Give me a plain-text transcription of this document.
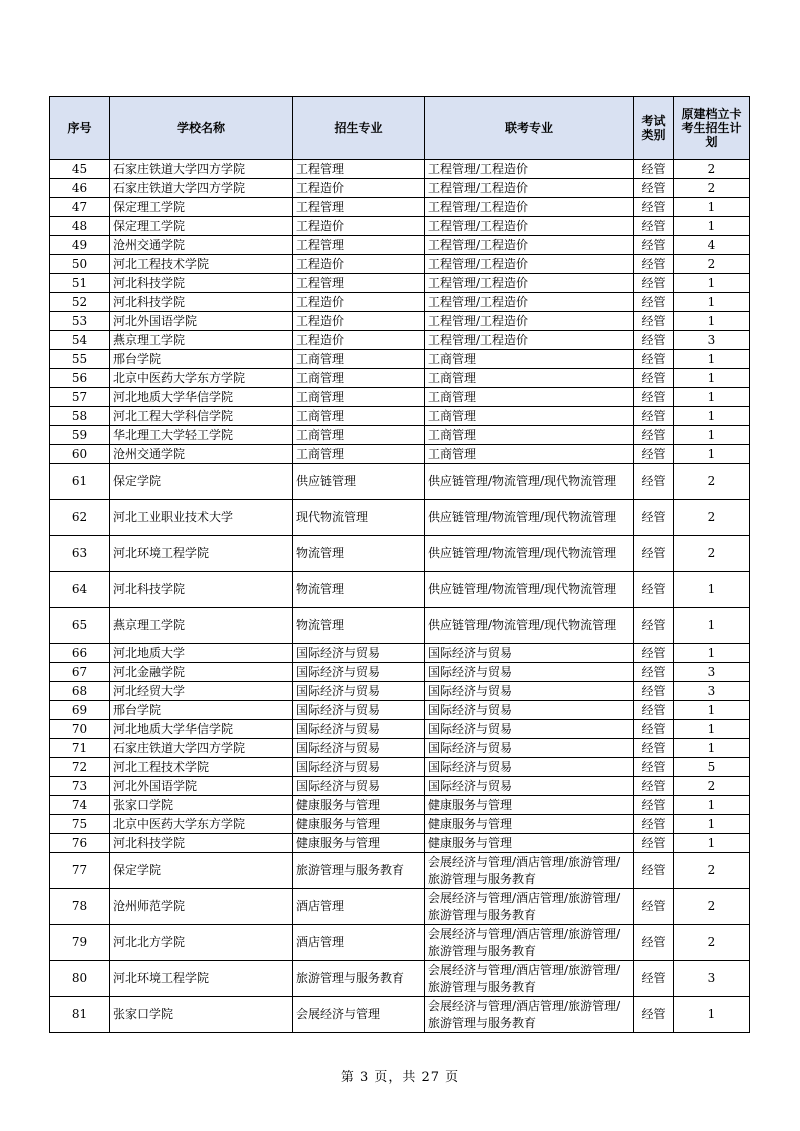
序号	学校名称	招生专业	联考专业	考试类别	原建档立卡考生招生计划
45	石家庄铁道大学四方学院	工程管理	工程管理/工程造价	经管	2
46	石家庄铁道大学四方学院	工程造价	工程管理/工程造价	经管	2
47	保定理工学院	工程管理	工程管理/工程造价	经管	1
48	保定理工学院	工程造价	工程管理/工程造价	经管	1
49	沧州交通学院	工程管理	工程管理/工程造价	经管	4
50	河北工程技术学院	工程造价	工程管理/工程造价	经管	2
51	河北科技学院	工程管理	工程管理/工程造价	经管	1
52	河北科技学院	工程造价	工程管理/工程造价	经管	1
53	河北外国语学院	工程造价	工程管理/工程造价	经管	1
54	燕京理工学院	工程造价	工程管理/工程造价	经管	3
55	邢台学院	工商管理	工商管理	经管	1
56	北京中医药大学东方学院	工商管理	工商管理	经管	1
57	河北地质大学华信学院	工商管理	工商管理	经管	1
58	河北工程大学科信学院	工商管理	工商管理	经管	1
59	华北理工大学轻工学院	工商管理	工商管理	经管	1
60	沧州交通学院	工商管理	工商管理	经管	1
61	保定学院	供应链管理	供应链管理/物流管理/现代物流管理	经管	2
62	河北工业职业技术大学	现代物流管理	供应链管理/物流管理/现代物流管理	经管	2
63	河北环境工程学院	物流管理	供应链管理/物流管理/现代物流管理	经管	2
64	河北科技学院	物流管理	供应链管理/物流管理/现代物流管理	经管	1
65	燕京理工学院	物流管理	供应链管理/物流管理/现代物流管理	经管	1
66	河北地质大学	国际经济与贸易	国际经济与贸易	经管	1
67	河北金融学院	国际经济与贸易	国际经济与贸易	经管	3
68	河北经贸大学	国际经济与贸易	国际经济与贸易	经管	3
69	邢台学院	国际经济与贸易	国际经济与贸易	经管	1
70	河北地质大学华信学院	国际经济与贸易	国际经济与贸易	经管	1
71	石家庄铁道大学四方学院	国际经济与贸易	国际经济与贸易	经管	1
72	河北工程技术学院	国际经济与贸易	国际经济与贸易	经管	5
73	河北外国语学院	国际经济与贸易	国际经济与贸易	经管	2
74	张家口学院	健康服务与管理	健康服务与管理	经管	1
75	北京中医药大学东方学院	健康服务与管理	健康服务与管理	经管	1
76	河北科技学院	健康服务与管理	健康服务与管理	经管	1
77	保定学院	旅游管理与服务教育	会展经济与管理/酒店管理/旅游管理/旅游管理与服务教育	经管	2
78	沧州师范学院	酒店管理	会展经济与管理/酒店管理/旅游管理/旅游管理与服务教育	经管	2
79	河北北方学院	酒店管理	会展经济与管理/酒店管理/旅游管理/旅游管理与服务教育	经管	2
80	河北环境工程学院	旅游管理与服务教育	会展经济与管理/酒店管理/旅游管理/旅游管理与服务教育	经管	3
81	张家口学院	会展经济与管理	会展经济与管理/酒店管理/旅游管理/旅游管理与服务教育	经管	1
第 3 页，共 27 页
